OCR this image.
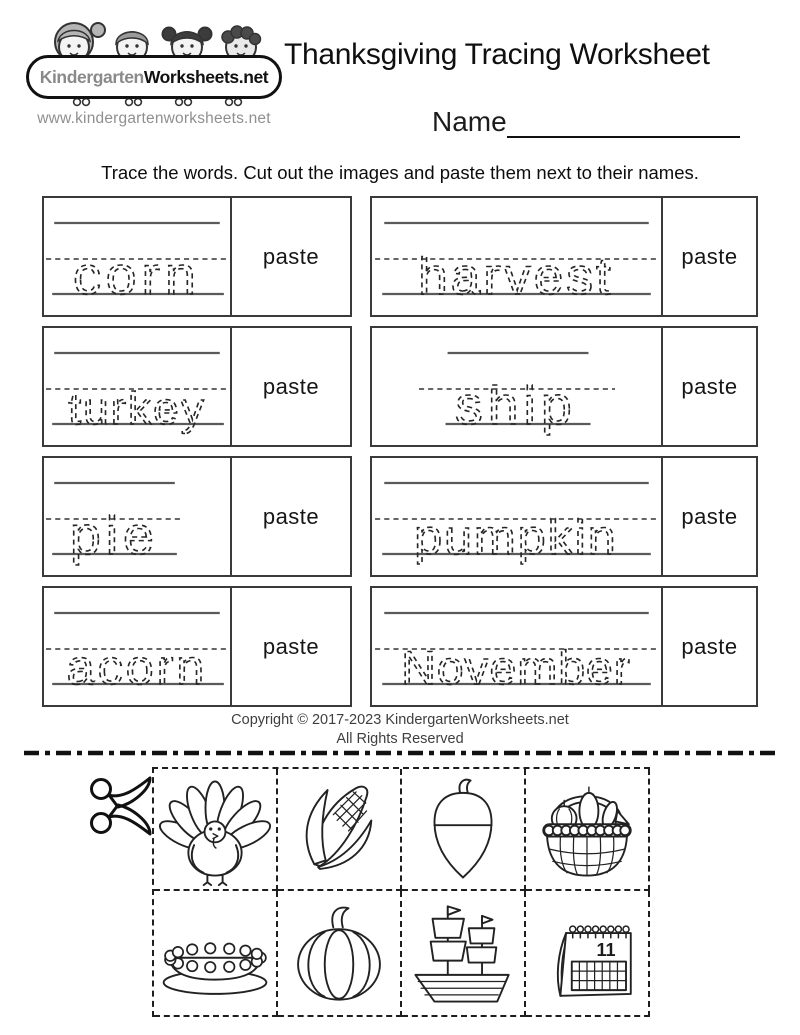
Kindergarten Worksheets.net
www.kindergartenworksheets.net
Thanksgiving Tracing Worksheet
Name
Trace the words. Cut out the images and paste them next to their names.
corn	paste harvest	paste
turkey	paste	ship	paste
pie	paste pumpkin	paste
acorn	paste November paste
Copyright © 2017-2023 KindergartenWorksheets.net
All Rights Reserved
11
